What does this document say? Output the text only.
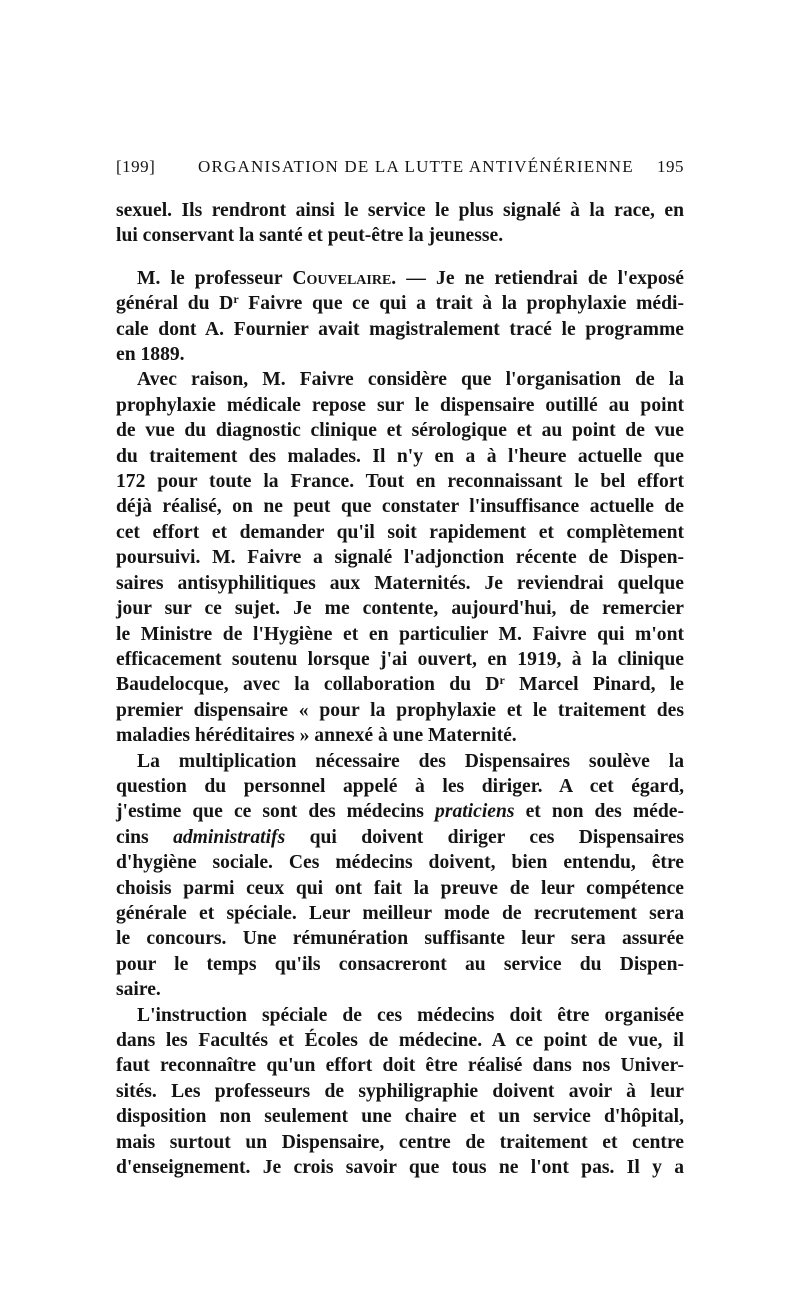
[199]	ORGANISATION DE LA LUTTE ANTIVÉNÉRIENNE 195
sexuel. Ils rendront ainsi le service le plus signalé à la race, en
lui conservant la santé et peut-être la jeunesse.
M. le professeur Couvelaire. — Je ne retiendrai de l'exposé
général du $D^r$ Faivre que ce qui a trait à la prophylaxie médi-
cale dont A. Fournier avait magistralement tracé le programme
en 1889.
Avec raison, M. Faivre considère que l'organisation de la
prophylaxie médicale repose sur le dispensaire outillé au point
de vue du diagnostic clinique et sérologique et au point de vue
du traitement des malades. Il n'y en a à l'heure actuelle que
172 pour toute la France. Tout en reconnaissant le bel effort
déjà réalisé, on ne peut que constater l'insuffisance actuelle de
cet effort et demander qu'il soit rapidement et complètement
poursuivi. M. Faivre a signalé l'adjonction récente de Dispen-
saires antisyphilitiques aux Maternités. Je reviendrai quelque
jour sur ce sujet. Je me contente, aujourd'hui, de remercier
le Ministre de l'Hygiène et en particulier M. Faivre qui m'ont
efficacement soutenu lorsque j'ai ouvert, en 1919, à la clinique
Baudelocque, avec la collaboration du $D^r$ Marcel Pinard, le
premier dispensaire « pour la prophylaxie et le traitement des
maladies héréditaires » annexé à une Maternité.
La multiplication nécessaire des Dispensaires soulève la
question du personnel appelé à les diriger. A cet égard,
j'estime que ce sont des médecins praticiens et non des méde-
cins administratifs qui doivent diriger ces Dispensaires
d'hygiène sociale. Ces médecins doivent, bien entendu, être
choisis parmi ceux qui ont fait la preuve de leur compétence
générale et spéciale. Leur meilleur mode de recrutement sera
le concours. Une rémunération suffisante leur sera assurée
pour le temps qu'ils consacreront au service du Dispen-
saire.
L'instruction spéciale de ces médecins doit être organisée
dans les Facultés et Écoles de médecine. A ce point de vue, il
faut reconnaître qu'un effort doit être réalisé dans nos Univer-
sités. Les professeurs de syphiligraphie doivent avoir à leur
disposition non seulement une chaire et un service d'hôpital,
mais surtout un Dispensaire, centre de traitement et centre
d'enseignement. Je crois savoir que tous ne l'ont pas. Il y a
